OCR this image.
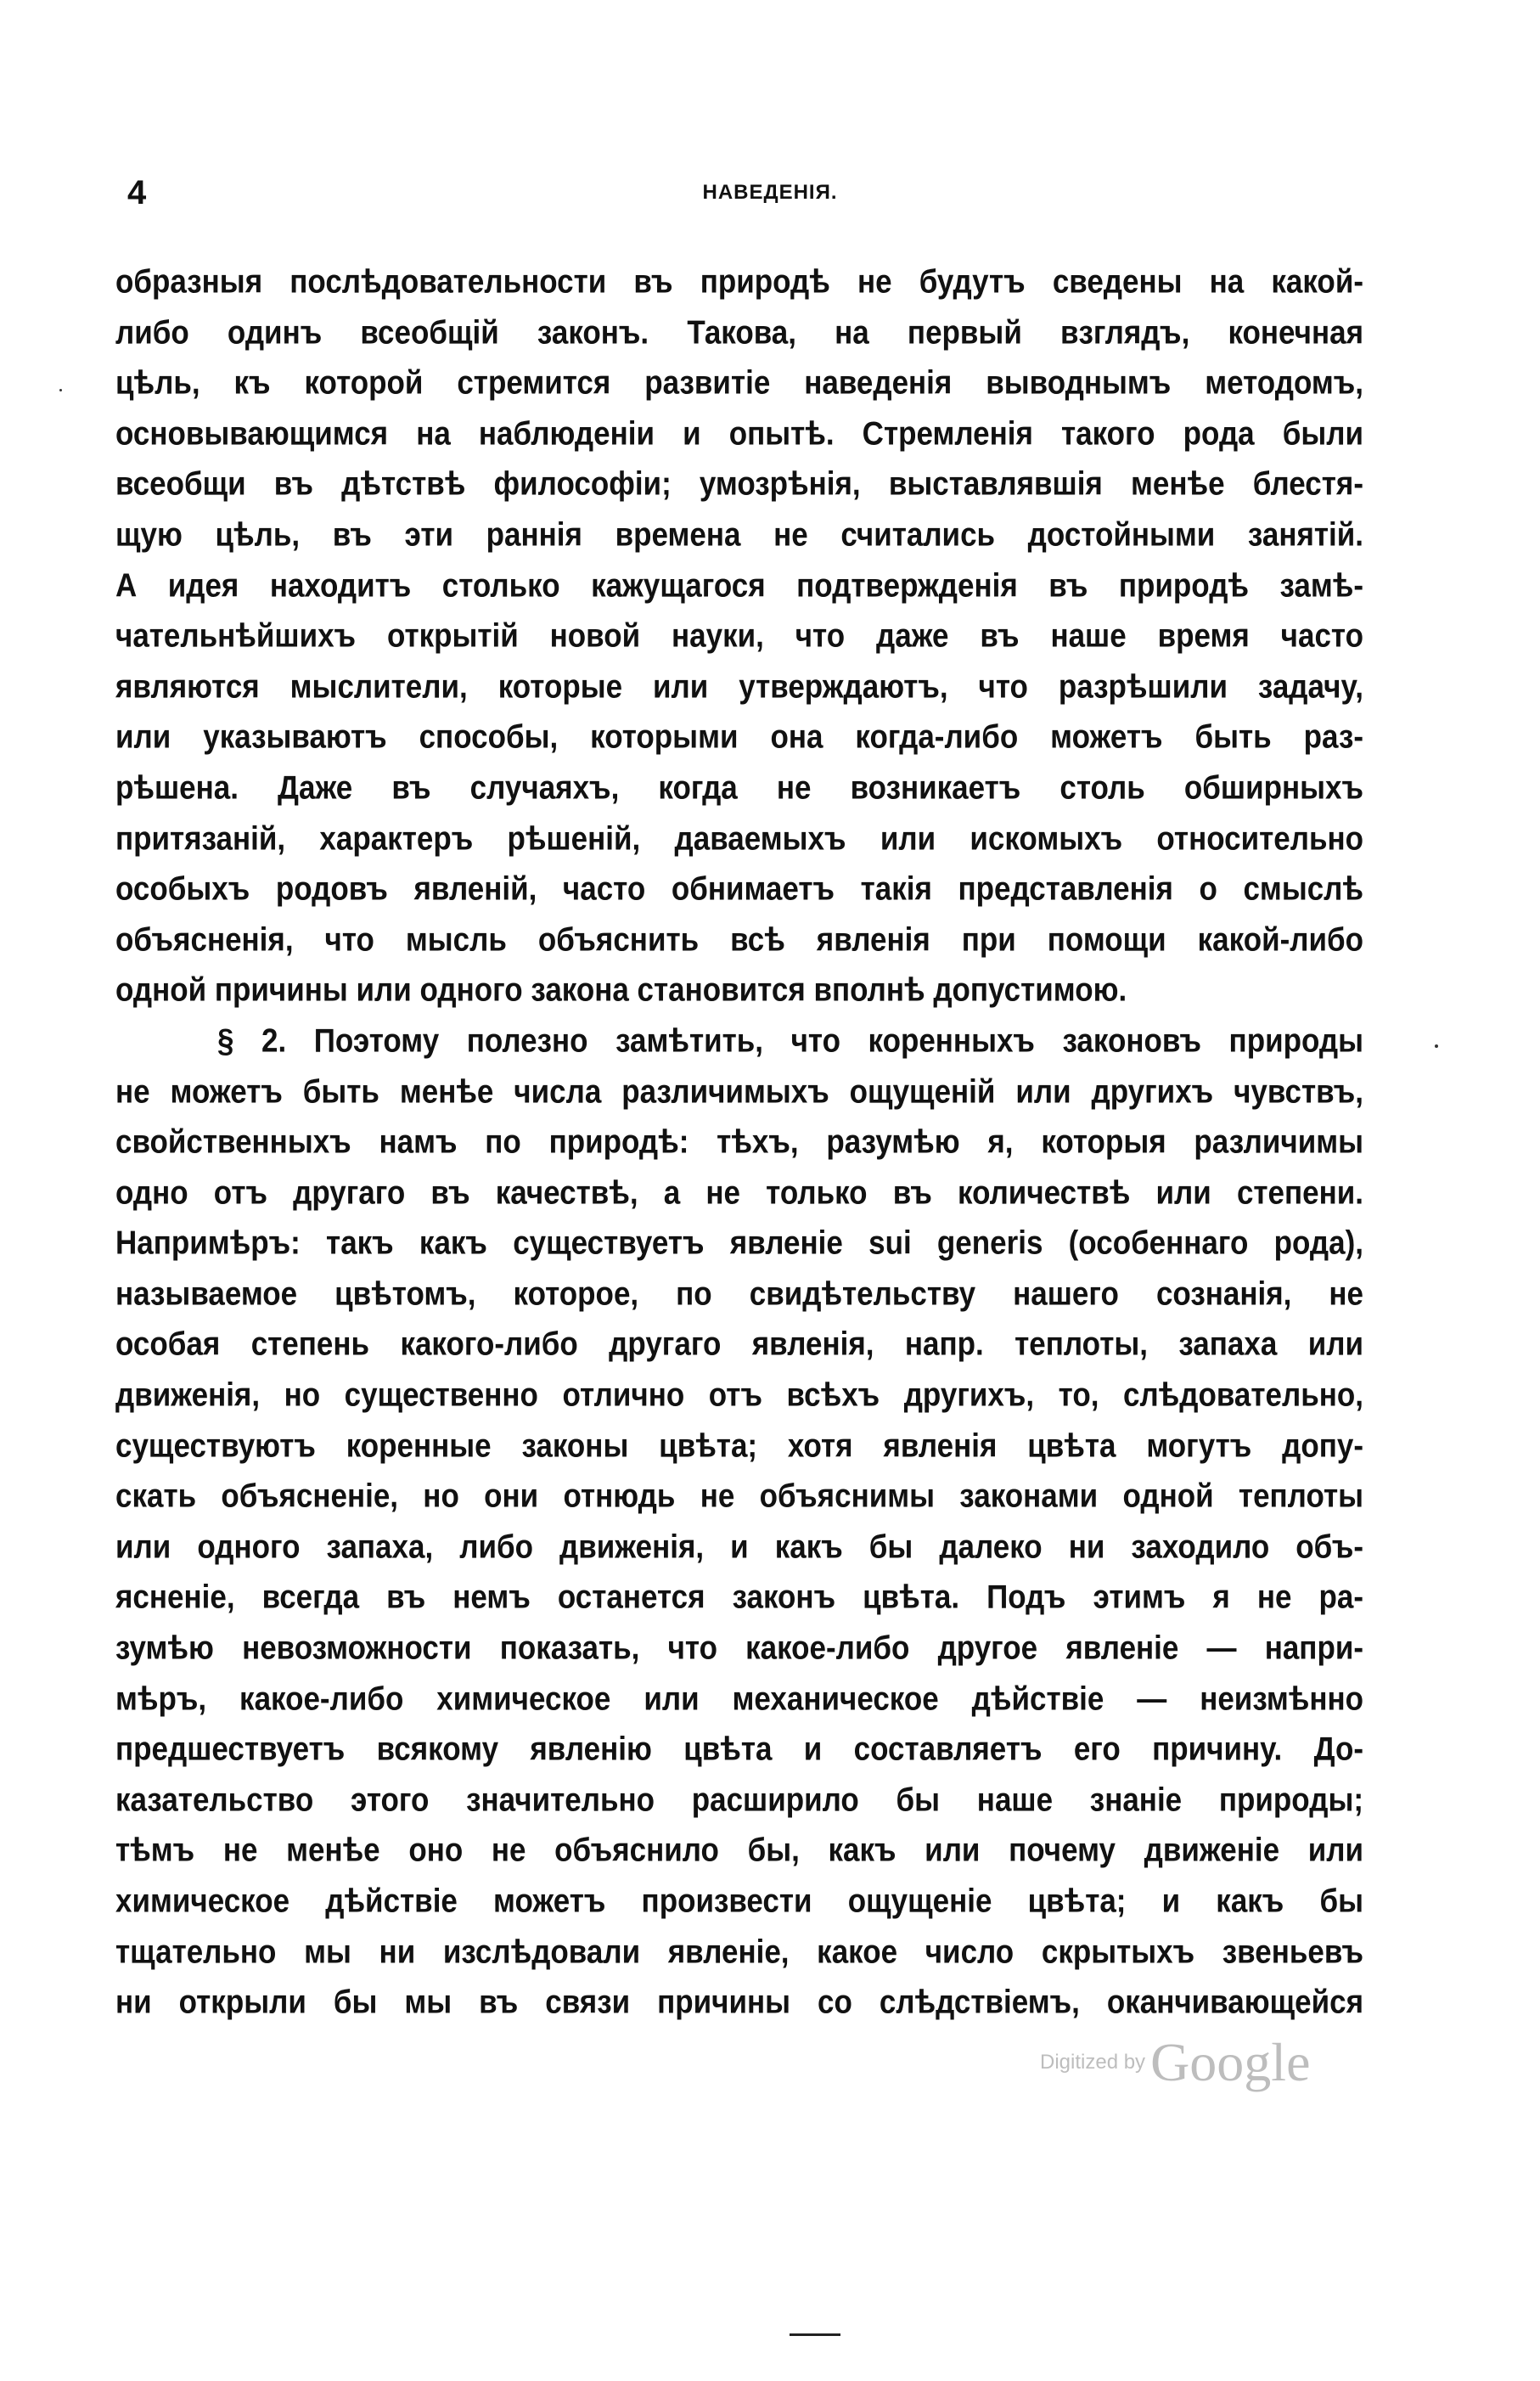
4	НАВЕДЕНІЯ.
образныя послѣдовательности въ природѣ не будутъ сведены на какой-
либо одинъ всеобщій законъ. Такова, на первый взглядъ, конечная
цѣль, къ которой стремится развитіе наведенія выводнымъ методомъ,
основывающимся на наблюденіи и опытѣ. Стремленія такого рода были
всеобщи въ дѣтствѣ философіи; умозрѣнія, выставлявшія менѣе блестя-
щую цѣль, въ эти раннія времена не считались достойными занятій.
А идея находитъ столько кажущагося подтвержденія въ природѣ замѣ-
чательнѣйшихъ открытій новой науки, что даже въ наше время часто
являются мыслители, которые или утверждаютъ, что разрѣшили задачу,
или указываютъ способы, которыми она когда-либо можетъ быть раз-
рѣшена. Даже въ случаяхъ, когда не возникаетъ столь обширныхъ
притязаній, характеръ рѣшеній, даваемыхъ или искомыхъ относительно
особыхъ родовъ явленій, часто обнимаетъ такія представленія о смыслѣ
объясненія, что мысль объяснить всѣ явленія при помощи какой-либо
одной причины или одного закона становится вполнѣ допустимою.
§ 2. Поэтому полезно замѣтить, что коренныхъ законовъ природы
не можетъ быть менѣе числа различимыхъ ощущеній или другихъ чувствъ,
свойственныхъ намъ по природѣ: тѣхъ, разумѣю я, которыя различимы
одно отъ другаго въ качествѣ, а не только въ количествѣ или степени.
Напримѣръ: такъ какъ существуетъ явленіе sui generis (особеннаго рода),
называемое цвѣтомъ, которое, по свидѣтельству нашего сознанія, не
особая степень какого-либо другаго явленія, напр. теплоты, запаха или
движенія, но существенно отлично отъ всѣхъ другихъ, то, слѣдовательно,
существуютъ коренные законы цвѣта; хотя явленія цвѣта могутъ допу-
скать объясненіе, но они отнюдь не объяснимы законами одной теплоты
или одного запаха, либо движенія, и какъ бы далеко ни заходило объ-
ясненіе, всегда въ немъ останется законъ цвѣта. Подъ этимъ я не ра-
зумѣю невозможности показать, что какое-либо другое явленіе — напри-
мѣръ, какое-либо химическое или механическое дѣйствіе — неизмѣнно
предшествуетъ всякому явленію цвѣта и составляетъ его причину. До-
казательство этого значительно расширило бы наше знаніе природы;
тѣмъ не менѣе оно не объяснило бы, какъ или почему движеніе или
химическое дѣйствіе можетъ произвести ощущеніе цвѣта; и какъ бы
тщательно мы ни изслѣдовали явленіе, какое число скрытыхъ звеньевъ
ни открыли бы мы въ связи причины со слѣдствіемъ, оканчивающейся
Digitized byGoogle
